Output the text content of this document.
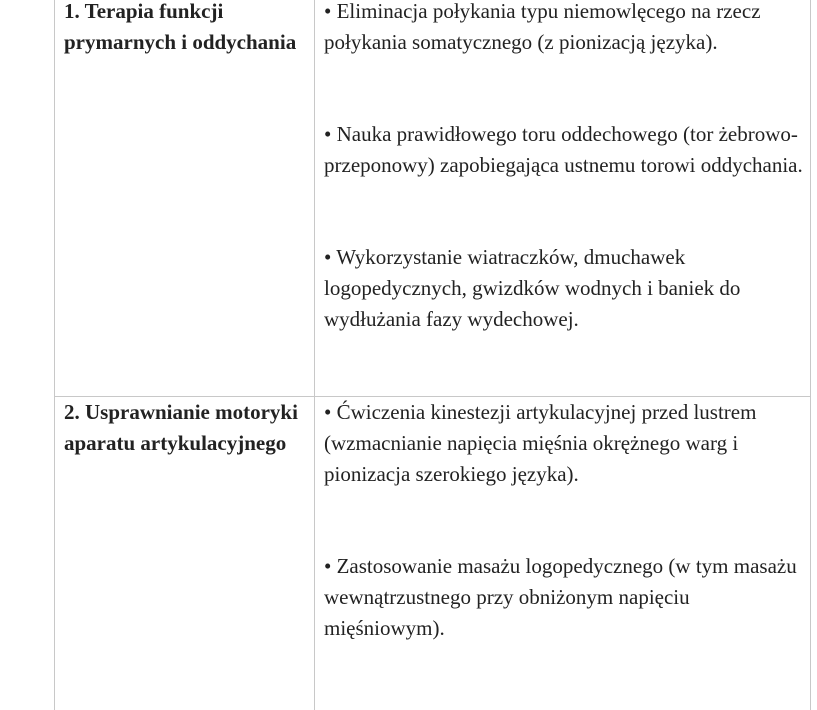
1. Terapia funkcji prymarnych i oddychania

• Eliminacja połykania typu niemowlęcego na rzecz połykania somatycznego (z pionizacją języka).

• Nauka prawidłowego toru oddechowego (tor żebrowo-przeponowy) zapobiegająca ustnemu torowi oddychania.

• Wykorzystanie wiatraczków, dmuchawek logopedycznych, gwizdków wodnych i baniek do wydłużania fazy wydechowej.

2. Usprawnianie motoryki aparatu artykulacyjnego

• Ćwiczenia kinestezji artykulacyjnej przed lustrem (wzmacnianie napięcia mięśnia okrężnego warg i pionizacja szerokiego języka).

• Zastosowanie masażu logopedycznego (w tym masażu wewnątrzustnego przy obniżonym napięciu mięśniowym).
